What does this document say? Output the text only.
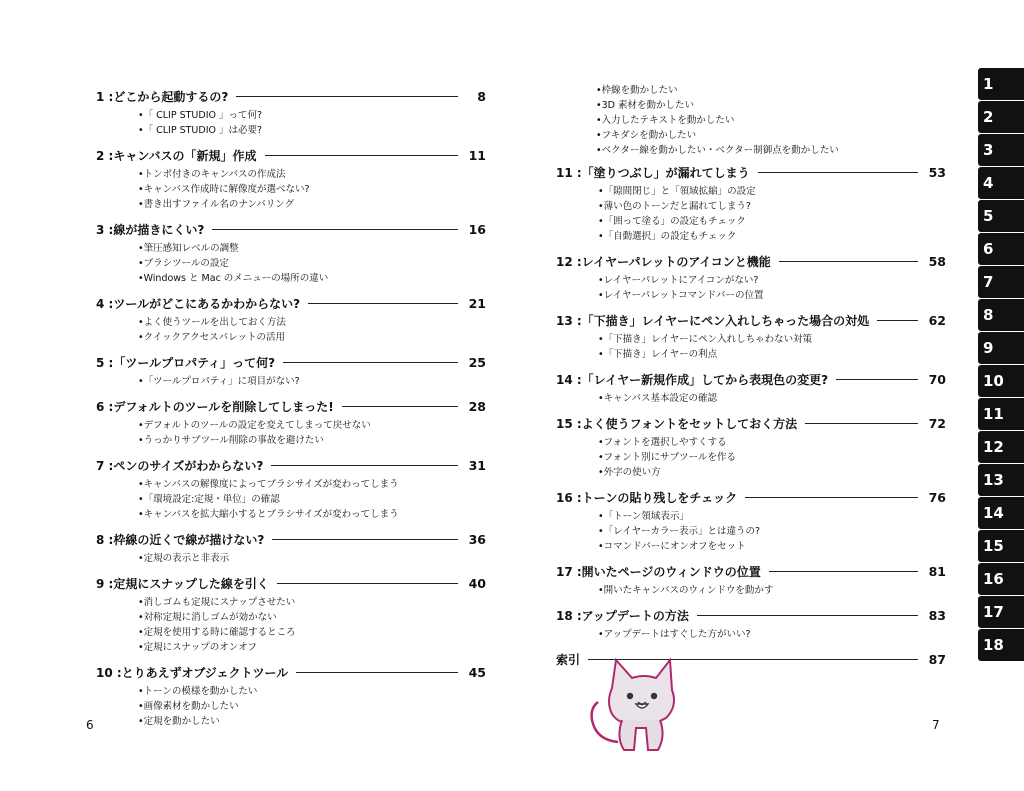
1 :どこから起動するの?	8
•「 CLIP STUDIO 」って何?
•「 CLIP STUDIO 」は必要?
2 :キャンバスの「新規」作成	11
•トンボ付きのキャンバスの作成法
•キャンバス作成時に解像度が選べない?
•書き出すファイル名のナンバリング
3 :線が描きにくい?	16
•筆圧感知レベルの調整
•ブラシツールの設定
•Windows と Mac のメニューの場所の違い
4 :ツールがどこにあるかわからない?	21
•よく使うツールを出しておく方法
•クイックアクセスパレットの活用
5 :「ツールプロパティ」って何?	25
•「ツールプロパティ」に項目がない?
6 :デフォルトのツールを削除してしまった!	28
•デフォルトのツールの設定を変えてしまって戻せない
•うっかりサブツール削除の事故を避けたい
7 :ペンのサイズがわからない?	31
•キャンバスの解像度によってブラシサイズが変わってしまう
•「環境設定:定規・単位」の確認
•キャンバスを拡大縮小するとブラシサイズが変わってしまう
8 :枠線の近くで線が描けない?	36
•定規の表示と非表示
9 :定規にスナップした線を引く	40
•消しゴムも定規にスナップさせたい
•対称定規に消しゴムが効かない
•定規を使用する時に確認するところ
•定規にスナップのオンオフ
10 :とりあえずオブジェクトツール	45
•トーンの模様を動かしたい
•画像素材を動かしたい
•定規を動かしたい
•枠線を動かしたい
•3D 素材を動かしたい
•入力したテキストを動かしたい
•フキダシを動かしたい
•ベクター線を動かしたい・ベクター制御点を動かしたい
11 :「塗りつぶし」が漏れてしまう	53
•「隙間閉じ」と「領域拡縮」の設定
•薄い色のトーンだと漏れてしまう?
•「囲って塗る」の設定もチェック
•「自動選択」の設定もチェック
12 :レイヤーパレットのアイコンと機能	58
•レイヤーパレットにアイコンがない?
•レイヤーパレットコマンドバーの位置
13 :「下描き」レイヤーにペン入れしちゃった場合の対処	62
•「下描き」レイヤーにペン入れしちゃわない対策
•「下描き」レイヤーの利点
14 :「レイヤー新規作成」してから表現色の変更?	70
•キャンバス基本設定の確認
15 :よく使うフォントをセットしておく方法	72
•フォントを選択しやすくする
•フォント別にサブツールを作る
•外字の使い方
16 :トーンの貼り残しをチェック	76
•「トーン領域表示」
•「レイヤーカラー表示」とは違うの?
•コマンドバーにオンオフをセット
17 :開いたページのウィンドウの位置	81
•開いたキャンバスのウィンドウを動かす
18 :アップデートの方法	83
•アップデートはすぐした方がいい?
索引	87
6	7
1
2
3
4
5
6
7
8
9
10
11
12
13
14
15
16
17
18
